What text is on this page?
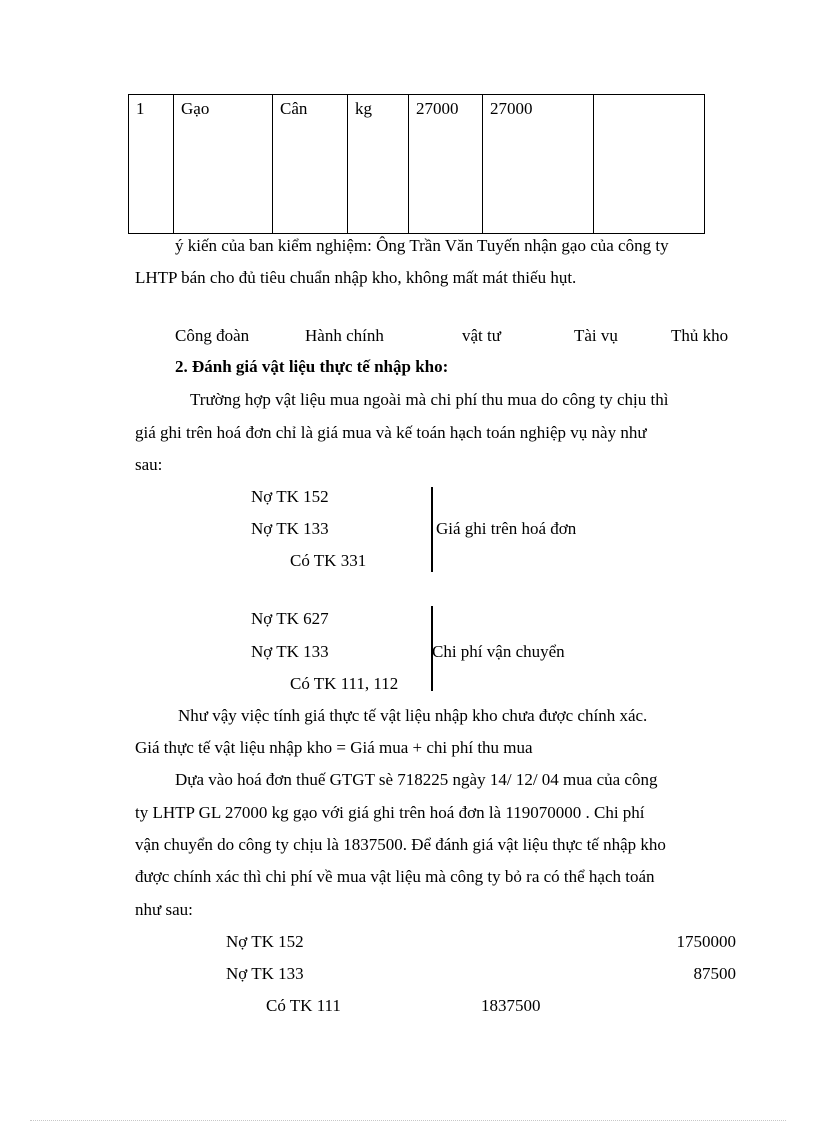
1	Gạo	Cân	kg	27000	27000	
ý kiến của ban kiểm nghiệm: Ông Trần Văn Tuyến nhận gạo của công ty
LHTP bán cho đủ tiêu chuẩn nhập kho, không mất mát thiếu hụt.
Công đoàn	Hành chính	vật tư	Tài vụ	Thủ kho
2. Đánh giá vật liệu thực tế nhập kho:
Trường hợp vật liệu mua ngoài mà chi phí thu mua do công ty chịu thì
giá ghi trên hoá đơn chỉ là giá mua và kế toán hạch toán nghiệp vụ này như
sau:
Nợ TK 152
Nợ TK 133
Có TK 331
Giá ghi trên hoá đơn
Nợ TK 627
Nợ TK 133
Có TK 111, 112
Chi phí vận chuyển
Như vậy việc tính giá thực tế vật liệu nhập kho chưa được chính xác.
Giá thực tế vật liệu nhập kho = Giá mua + chi phí thu mua
Dựa vào hoá đơn thuế GTGT sè 718225 ngày 14/ 12/ 04 mua của công
ty LHTP GL 27000 kg gạo với giá ghi trên hoá đơn là 119070000 . Chi phí
vận chuyển do công ty chịu là 1837500. Để đánh giá vật liệu thực tế nhập kho
được chính xác thì chi phí về mua vật liệu mà công ty bỏ ra có thể hạch toán
như sau:
Nợ TK 152	1750000
Nợ TK 133	87500
Có TK 111	1837500
